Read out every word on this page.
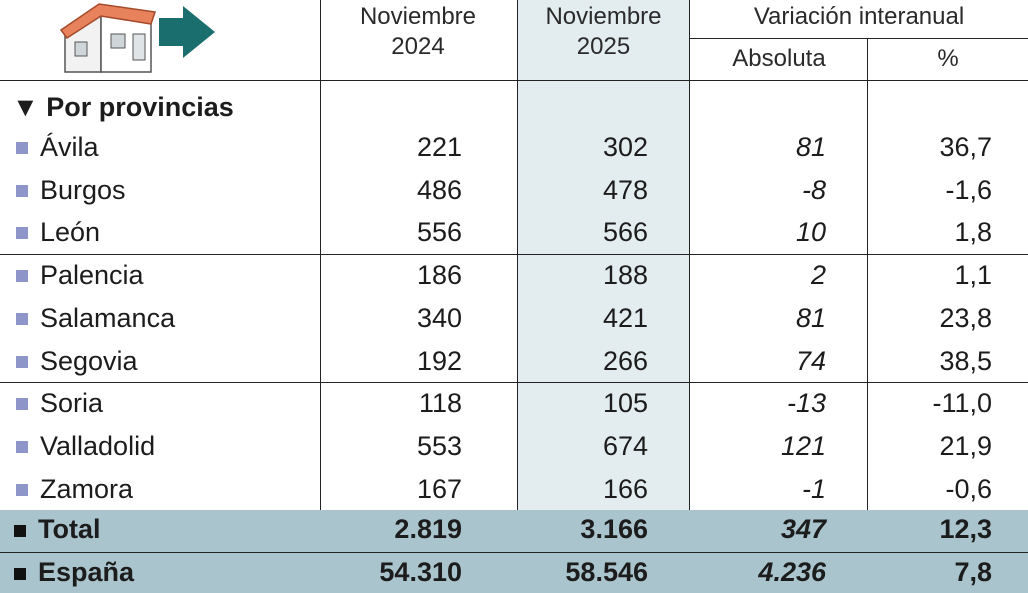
Noviembre
2024
Noviembre
2025
Variación interanual
Absoluta	%
▼ Por provincias
Ávila	221	302	81	36,7
Burgos	486	478	-8	-1,6
León	556	566	10	1,8
Palencia	186	188	2	1,1
Salamanca	340	421	81	23,8
Segovia	192	266	74	38,5
Soria	118	105	-13	-11,0
Valladolid	553	674	121	21,9
Zamora	167	166	-1	-0,6
Total	2.819	3.166	347	12,3
España	54.310	58.546	4.236	7,8
